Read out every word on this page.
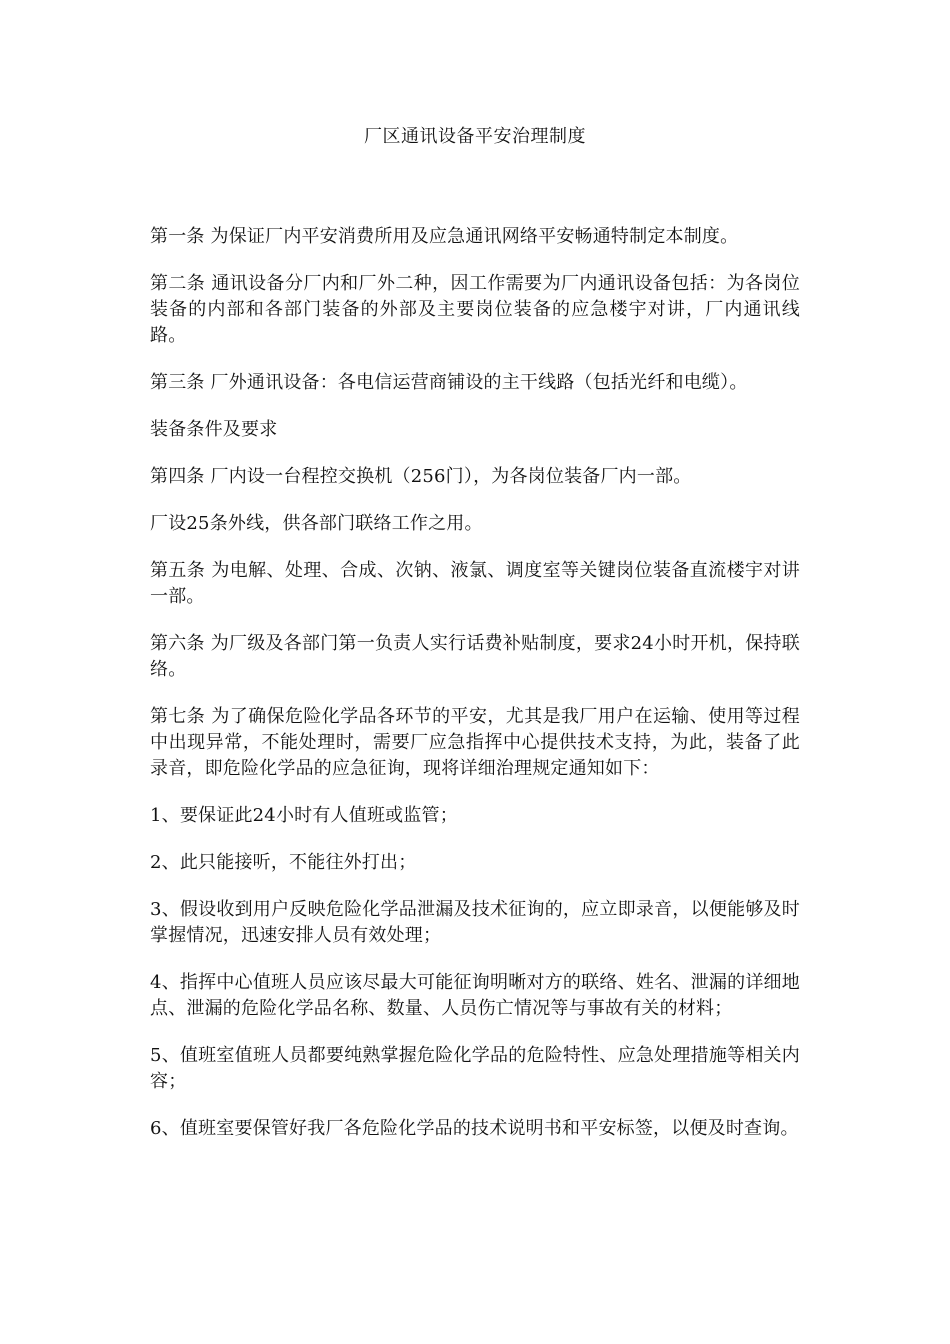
厂区通讯设备平安治理制度

第一条 为保证厂内平安消费所用及应急通讯网络平安畅通特制定本制度。

第二条 通讯设备分厂内和厂外二种，因工作需要为厂内通讯设备包括：为各岗位装备的内部和各部门装备的外部及主要岗位装备的应急楼宇对讲，厂内通讯线路。

第三条 厂外通讯设备：各电信运营商铺设的主干线路（包括光纤和电缆）。

装备条件及要求

第四条 厂内设一台程控交换机（256门），为各岗位装备厂内一部。

厂设25条外线，供各部门联络工作之用。

第五条 为电解、处理、合成、次钠、液氯、调度室等关键岗位装备直流楼宇对讲一部。

第六条 为厂级及各部门第一负责人实行话费补贴制度，要求24小时开机，保持联络。

第七条 为了确保危险化学品各环节的平安，尤其是我厂用户在运输、使用等过程中出现异常，不能处理时，需要厂应急指挥中心提供技术支持，为此，装备了此录音，即危险化学品的应急征询，现将详细治理规定通知如下：

1、要保证此24小时有人值班或监管；

2、此只能接听，不能往外打出；

3、假设收到用户反映危险化学品泄漏及技术征询的，应立即录音，以便能够及时掌握情况，迅速安排人员有效处理；

4、指挥中心值班人员应该尽最大可能征询明晰对方的联络、姓名、泄漏的详细地点、泄漏的危险化学品名称、数量、人员伤亡情况等与事故有关的材料；

5、值班室值班人员都要纯熟掌握危险化学品的危险特性、应急处理措施等相关内容；

6、值班室要保管好我厂各危险化学品的技术说明书和平安标签，以便及时查询。
